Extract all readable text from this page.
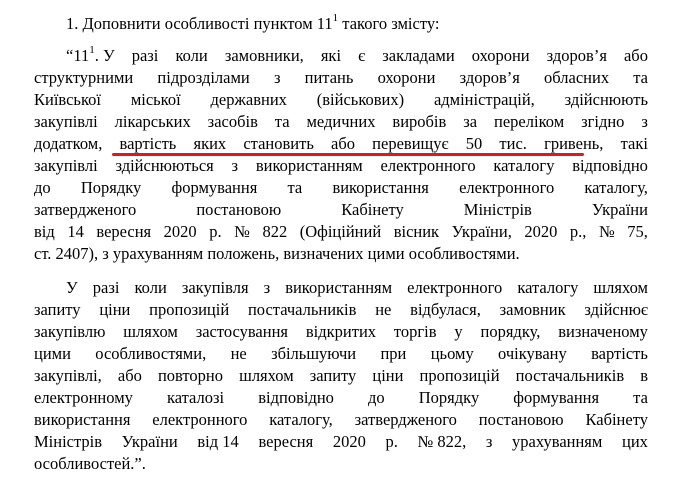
1. Доповнити особливості пунктом $11^1$ такого змісту:
“$11^1$. У разі коли замовники, які є закладами охорони здоров’я або
структурними підрозділами з питань охорони здоров’я обласних та
Київської міської державних (військових) адміністрацій, здійснюють
закупівлі лікарських засобів та медичних виробів за переліком згідно з
додатком, вартість яких становить або перевищує 50 тис. гривень, такі
закупівлі здійснюються з використанням електронного каталогу відповідно
до Порядку формування та використання електронного каталогу,
затвердженого	постановою	Кабінету	Міністрів	України
від 14 вересня 2020 р. № 822 (Офіційний вісник України, 2020 р., № 75,
ст. 2407), з урахуванням положень, визначених цими особливостями.
У разі коли закупівля з використанням електронного каталогу шляхом
запиту ціни пропозицій постачальників не відбулася, замовник здійснює
закупівлю шляхом застосування відкритих торгів у порядку, визначеному
цими особливостями, не збільшуючи при цьому очікувану вартість
закупівлі, або повторно шляхом запиту ціни пропозицій постачальників в
електронному каталозі відповідно до Порядку формування та
використання електронного каталогу, затвердженого постановою Кабінету
Міністрів України від 14 вересня 2020 р. № 822, з урахуванням цих
особливостей.”.
